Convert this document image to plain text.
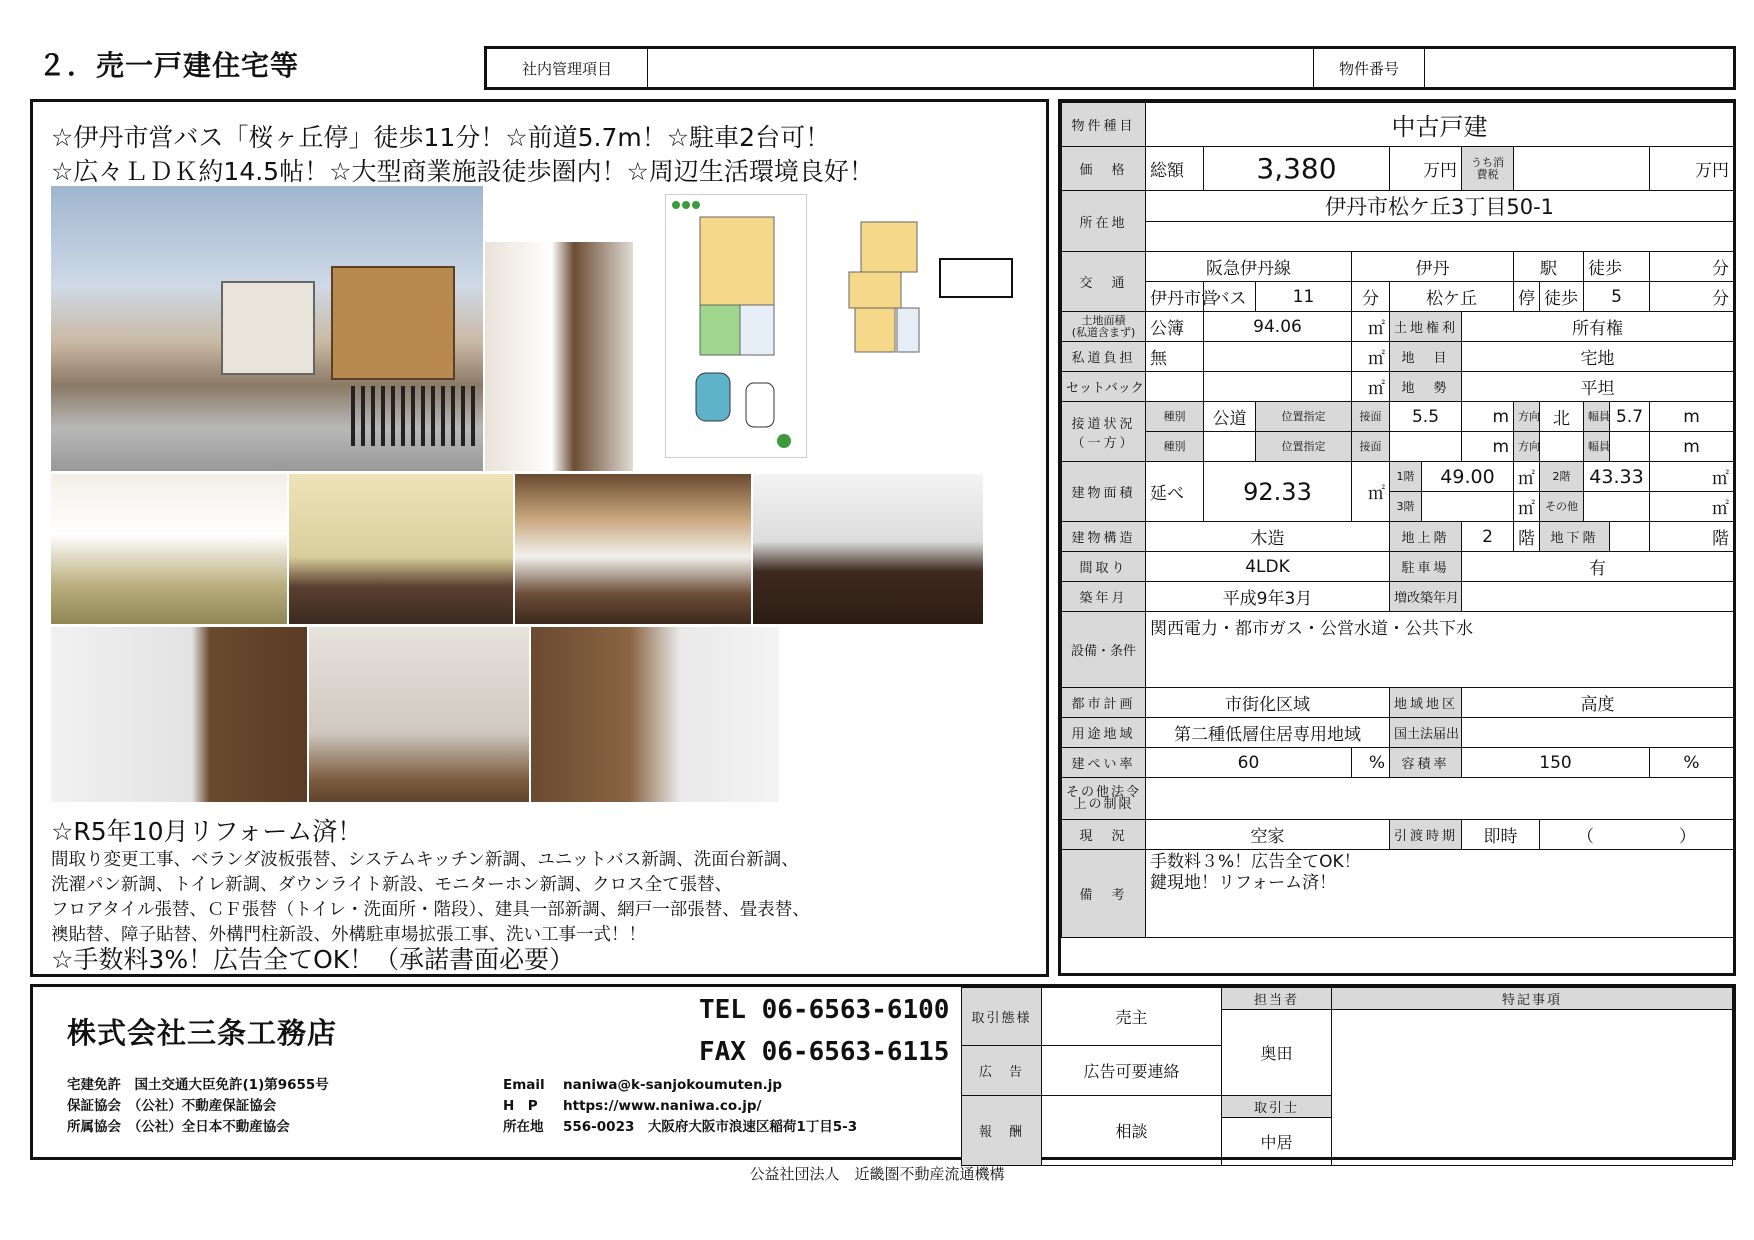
２．売一戸建住宅等	社内管理項目	物件番号
☆伊丹市営バス「桜ヶ丘停」徒歩11分！☆前道5.7m！☆駐車2台可！
☆広々ＬＤＫ約14.5帖！☆大型商業施設徒歩圏内！☆周辺生活環境良好！
☆R5年10月リフォーム済！
間取り変更工事、ベランダ波板張替、システムキッチン新調、ユニットバス新調、洗面台新調、
洗濯パン新調、トイレ新調、ダウンライト新設、モニターホン新調、クロス全て張替、
フロアタイル張替、ＣＦ張替（トイレ・洗面所・階段）、建具一部新調、網戸一部張替、畳表替、
襖貼替、障子貼替、外構門柱新設、外構駐車場拡張工事、洗い工事一式！！
☆手数料3%！広告全てOK！（承諾書面必要）
物件種目	中古戸建											
価　格	総額	3,380			万円		うち消費税					万円
所在地	伊丹市松ケ丘3丁目50-1											

交　通	阪急伊丹線			伊丹				駅		徒歩		分
	伊丹市営	バス	11	分	松ケ丘			停	徒歩	5		分
土地面積
(私道含まず)	公簿	94.06		㎡	土地権利		所有権					
私道負担	無			㎡	地　目		宅地					
セットバック				㎡	地　勢		平坦					
接道状況
（一方）	種別	公道	位置指定	接面	5.5		m	方向	北	幅員	5.7	m
	種別		位置指定	接面			m	方向		幅員		m
建物面積	延べ	92.33		㎡	1階	49.00		㎡	2階	43.33		㎡
					3階			㎡	その他			㎡
建物構造	木造				地上階		2	階	地下階			階
間取り	4LDK				駐車場		有					
築年月	平成9年3月				増改築年月							
設備・条件	関西電力・都市ガス・公営水道・公共下水											
都市計画	市街化区域				地域地区		高度					
用途地域	第二種低層住居専用地域				国土法届出							
建ぺい率	60			%	容積率		150					%
その他法令上の制限												
現　況	空家				引渡時期		即時		（　　　　　）			
備　考	手数料３%！広告全てOK！
鍵現地！リフォーム済！											
株式会社三条工務店
TEL 06-6563-6100
FAX 06-6563-6115
宅建免許　 国土交通大臣免許(1)第9655号
保証協会　 （公社）不動産保証協会
所属協会　 （公社）全日本不動産協会
Email naniwa@k-sanjokoumuten.jp
H　P https://www.naniwa.co.jp/
所在地 556-0023　大阪府大阪市浪速区稲荷1丁目5-3
取引態様	売主	担当者	特記事項
		奥田	
広　告	広告可要連絡		
報　酬	相談	取引士	
		中居	
公益社団法人　近畿圏不動産流通機構
